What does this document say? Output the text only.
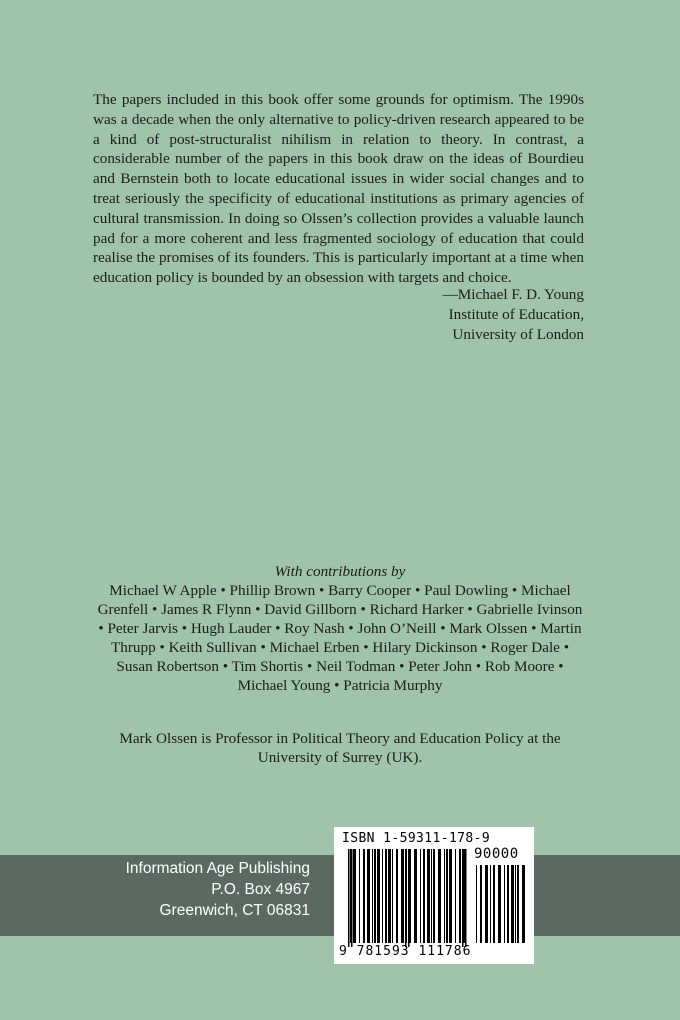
The papers included in this book offer some grounds for optimism. The 1990s was a decade when the only alternative to policy-driven research appeared to be a kind of post-structuralist nihilism in relation to theory. In contrast, a considerable number of the papers in this book draw on the ideas of Bourdieu and Bernstein both to locate educational issues in wider social changes and to treat seriously the specificity of educational institutions as primary agencies of cultural transmission. In doing so Olssen’s collection provides a valuable launch pad for a more coherent and less fragmented sociology of education that could realise the promises of its founders. This is particularly important at a time when education policy is bounded by an obsession with targets and choice.

—Michael F. D. Young
Institute of Education,
University of London
With contributions by
Michael W Apple • Phillip Brown • Barry Cooper • Paul Dowling • Michael Grenfell • James R Flynn • David Gillborn • Richard Harker • Gabrielle Ivinson • Peter Jarvis • Hugh Lauder • Roy Nash • John O’Neill • Mark Olssen • Martin Thrupp • Keith Sullivan • Michael Erben • Hilary Dickinson • Roger Dale • Susan Robertson • Tim Shortis • Neil Todman • Peter John • Rob Moore • Michael Young • Patricia Murphy
Mark Olssen is Professor in Political Theory and Education Policy at the University of Surrey (UK).
Information Age Publishing
P.O. Box 4967
Greenwich, CT 06831
ISBN 1-59311-178-9
90000
9 781593 111786
